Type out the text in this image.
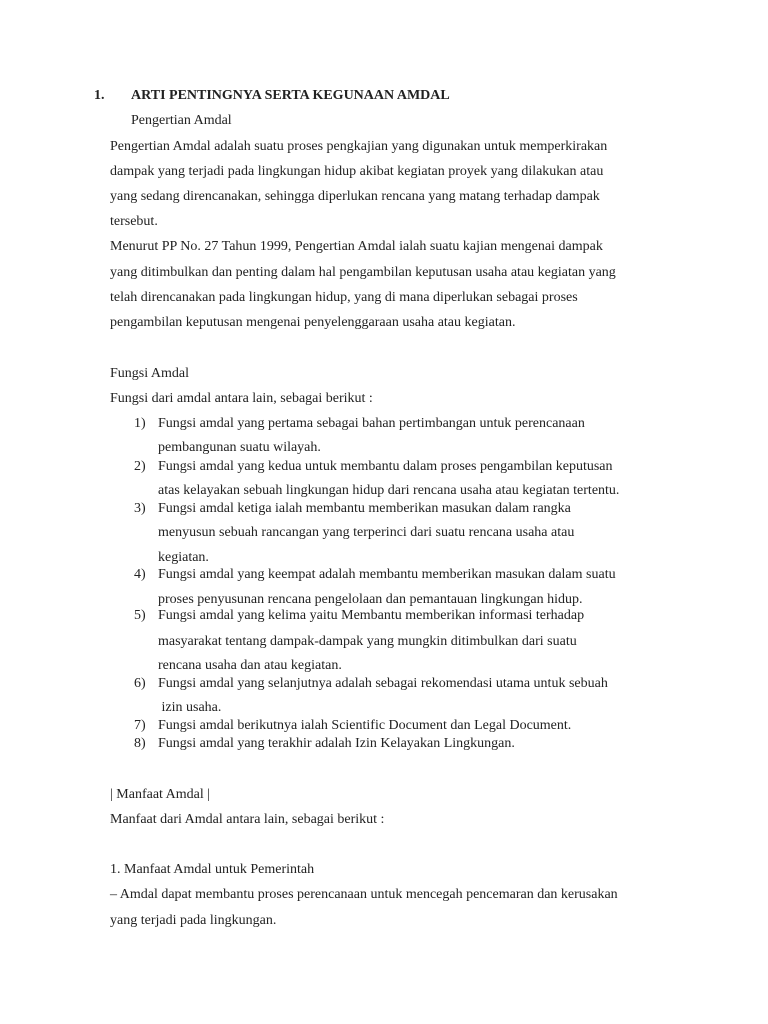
1. ARTI PENTINGNYA SERTA KEGUNAAN AMDAL
Pengertian Amdal
Pengertian Amdal adalah suatu proses pengkajian yang digunakan untuk memperkirakan
dampak yang terjadi pada lingkungan hidup akibat kegiatan proyek yang dilakukan atau
yang sedang direncanakan, sehingga diperlukan rencana yang matang terhadap dampak
tersebut.
Menurut PP No. 27 Tahun 1999, Pengertian Amdal ialah suatu kajian mengenai dampak
yang ditimbulkan dan penting dalam hal pengambilan keputusan usaha atau kegiatan yang
telah direncanakan pada lingkungan hidup, yang di mana diperlukan sebagai proses
pengambilan keputusan mengenai penyelenggaraan usaha atau kegiatan.
Fungsi Amdal
Fungsi dari amdal antara lain, sebagai berikut :
1) Fungsi amdal yang pertama sebagai bahan pertimbangan untuk perencanaan
pembangunan suatu wilayah.
2) Fungsi amdal yang kedua untuk membantu dalam proses pengambilan keputusan
atas kelayakan sebuah lingkungan hidup dari rencana usaha atau kegiatan tertentu.
3) Fungsi amdal ketiga ialah membantu memberikan masukan dalam rangka
menyusun sebuah rancangan yang terperinci dari suatu rencana usaha atau
kegiatan.
4) Fungsi amdal yang keempat adalah membantu memberikan masukan dalam suatu
proses penyusunan rencana pengelolaan dan pemantauan lingkungan hidup.
5) Fungsi amdal yang kelima yaitu Membantu memberikan informasi terhadap
masyarakat tentang dampak-dampak yang mungkin ditimbulkan dari suatu
rencana usaha dan atau kegiatan.
6) Fungsi amdal yang selanjutnya adalah sebagai rekomendasi utama untuk sebuah
izin usaha.
7) Fungsi amdal berikutnya ialah Scientific Document dan Legal Document.
8) Fungsi amdal yang terakhir adalah Izin Kelayakan Lingkungan.
| Manfaat Amdal |
Manfaat dari Amdal antara lain, sebagai berikut :
1. Manfaat Amdal untuk Pemerintah
– Amdal dapat membantu proses perencanaan untuk mencegah pencemaran dan kerusakan
yang terjadi pada lingkungan.
